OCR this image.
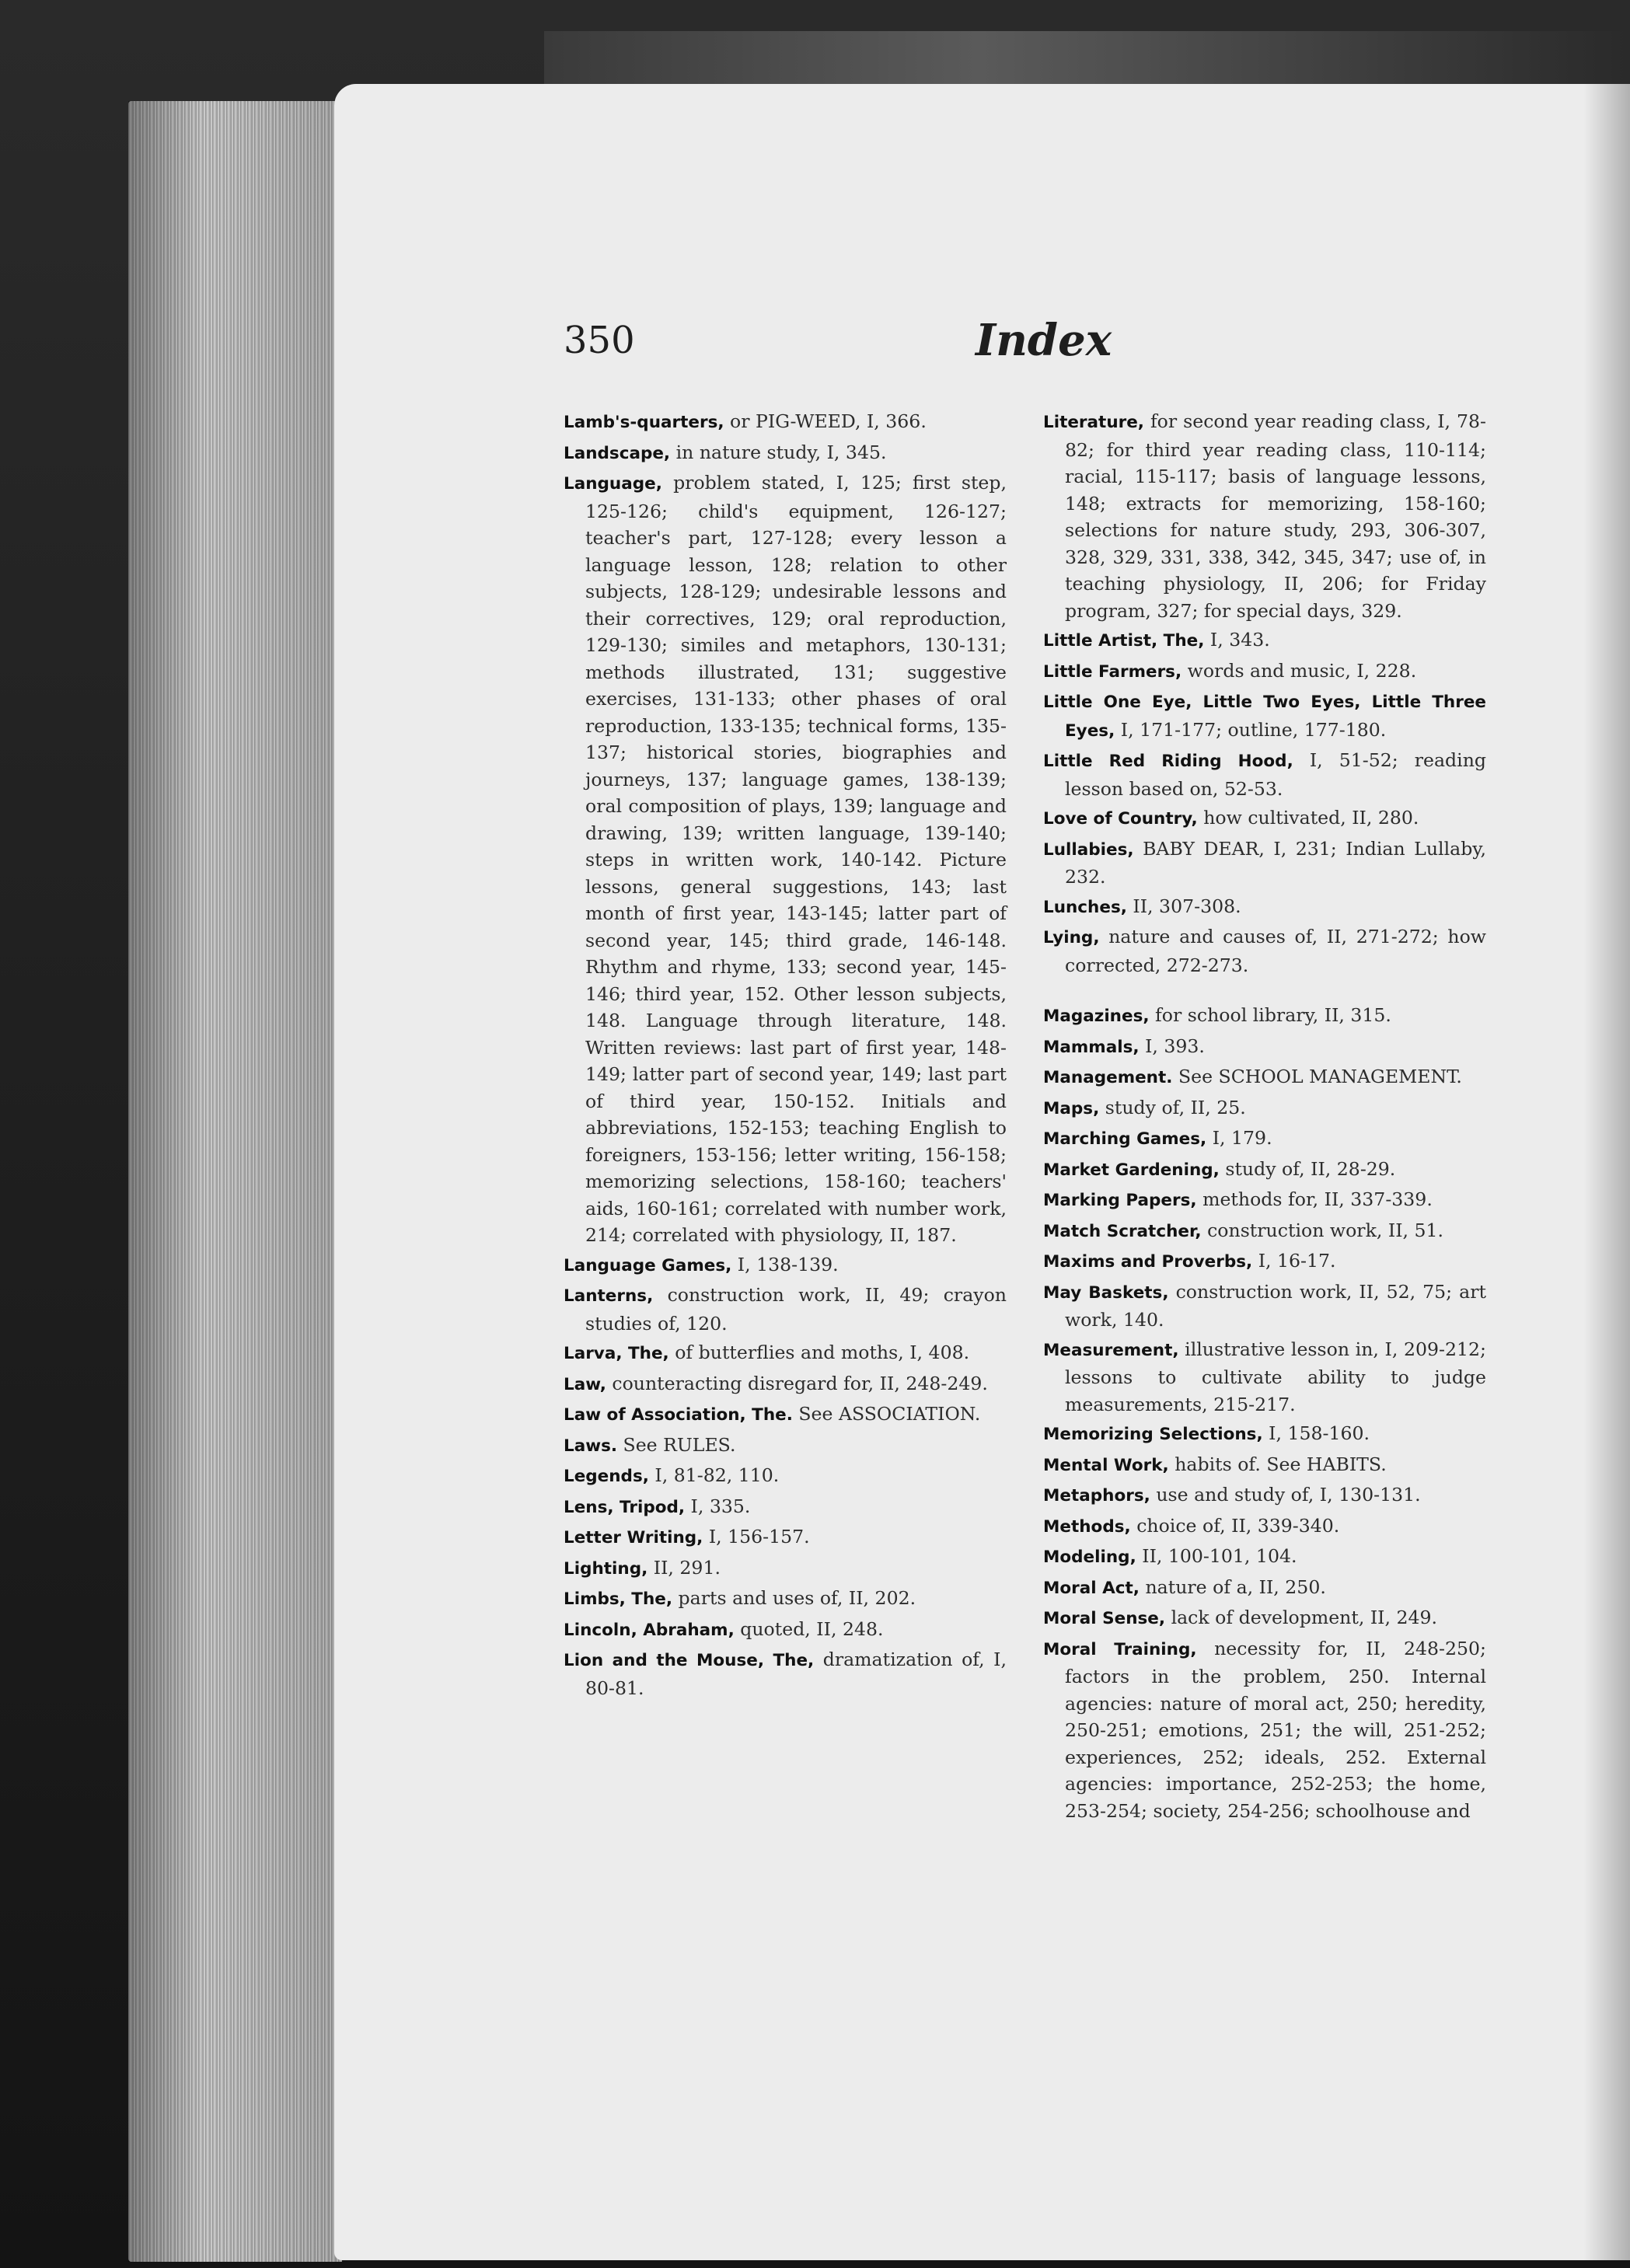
350	Index
Lamb's-quarters, or PIG-WEED, I, 366.
Landscape, in nature study, I, 345.
Language, problem stated, I, 125; first step, 125-126; child's equipment, 126-127; teacher's part, 127-128; every lesson a language lesson, 128; relation to other subjects, 128-129; undesirable lessons and their correctives, 129; oral reproduction, 129-130; similes and metaphors, 130-131; methods illustrated, 131; suggestive exercises, 131-133; other phases of oral reproduction, 133-135; technical forms, 135-137; historical stories, biographies and journeys, 137; language games, 138-139; oral composition of plays, 139; language and drawing, 139; written language, 139-140; steps in written work, 140-142. Picture lessons, general suggestions, 143; last month of first year, 143-145; latter part of second year, 145; third grade, 146-148. Rhythm and rhyme, 133; second year, 145-146; third year, 152. Other lesson subjects, 148. Language through literature, 148. Written reviews: last part of first year, 148-149; latter part of second year, 149; last part of third year, 150-152. Initials and abbreviations, 152-153; teaching English to foreigners, 153-156; letter writing, 156-158; memorizing selections, 158-160; teachers' aids, 160-161; correlated with number work, 214; correlated with physiology, II, 187.
Language Games, I, 138-139.
Lanterns, construction work, II, 49; crayon studies of, 120.
Larva, The, of butterflies and moths, I, 408.
Law, counteracting disregard for, II, 248-249.
Law of Association, The. See ASSOCIATION.
Laws. See RULES.
Legends, I, 81-82, 110.
Lens, Tripod, I, 335.
Letter Writing, I, 156-157.
Lighting, II, 291.
Limbs, The, parts and uses of, II, 202.
Lincoln, Abraham, quoted, II, 248.
Lion and the Mouse, The, dramatization of, I, 80-81.
Literature, for second year reading class, I, 78-82; for third year reading class, 110-114; racial, 115-117; basis of language lessons, 148; extracts for memorizing, 158-160; selections for nature study, 293, 306-307, 328, 329, 331, 338, 342, 345, 347; use of, in teaching physiology, II, 206; for Friday program, 327; for special days, 329.
Little Artist, The, I, 343.
Little Farmers, words and music, I, 228.
Little One Eye, Little Two Eyes, Little Three Eyes, I, 171-177; outline, 177-180.
Little Red Riding Hood, I, 51-52; reading lesson based on, 52-53.
Love of Country, how cultivated, II, 280.
Lullabies, BABY DEAR, I, 231; Indian Lullaby, 232.
Lunches, II, 307-308.
Lying, nature and causes of, II, 271-272; how corrected, 272-273.
Magazines, for school library, II, 315.
Mammals, I, 393.
Management. See SCHOOL MANAGEMENT.
Maps, study of, II, 25.
Marching Games, I, 179.
Market Gardening, study of, II, 28-29.
Marking Papers, methods for, II, 337-339.
Match Scratcher, construction work, II, 51.
Maxims and Proverbs, I, 16-17.
May Baskets, construction work, II, 52, 75; art work, 140.
Measurement, illustrative lesson in, I, 209-212; lessons to cultivate ability to judge measurements, 215-217.
Memorizing Selections, I, 158-160.
Mental Work, habits of. See HABITS.
Metaphors, use and study of, I, 130-131.
Methods, choice of, II, 339-340.
Modeling, II, 100-101, 104.
Moral Act, nature of a, II, 250.
Moral Sense, lack of development, II, 249.
Moral Training, necessity for, II, 248-250; factors in the problem, 250. Internal agencies: nature of moral act, 250; heredity, 250-251; emotions, 251; the will, 251-252; experiences, 252; ideals, 252. External agencies: importance, 252-253; the home, 253-254; society, 254-256; schoolhouse and
